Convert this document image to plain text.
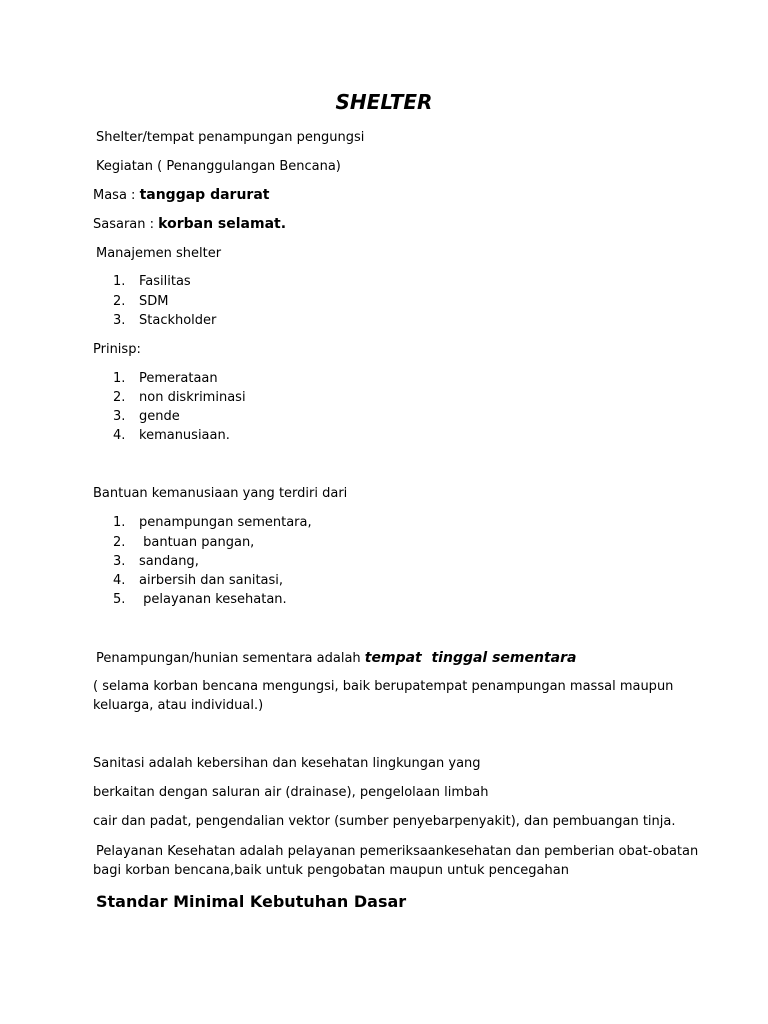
SHELTER
Shelter/tempat penampungan pengungsi
Kegiatan ( Penanggulangan Bencana)
Masa : tanggap darurat
Sasaran : korban selamat.
Manajemen shelter
1. Fasilitas
2. SDM
3. Stackholder
Prinisp:
1. Pemerataan
2. non diskriminasi
3. gende
4. kemanusiaan.
Bantuan kemanusiaan yang terdiri dari
1. penampungan sementara,
2. bantuan pangan,
3. sandang,
4. airbersih dan sanitasi,
5. pelayanan kesehatan.
Penampungan/hunian sementara adalah tempat  tinggal sementara
( selama korban bencana mengungsi, baik berupatempat penampungan massal maupun
keluarga, atau individual.)
Sanitasi adalah kebersihan dan kesehatan lingkungan yang
berkaitan dengan saluran air (drainase), pengelolaan limbah
cair dan padat, pengendalian vektor (sumber penyebarpenyakit), dan pembuangan tinja.
Pelayanan Kesehatan adalah pelayanan pemeriksaankesehatan dan pemberian obat-obatan
bagi korban bencana,baik untuk pengobatan maupun untuk pencegahan
Standar Minimal Kebutuhan Dasar
